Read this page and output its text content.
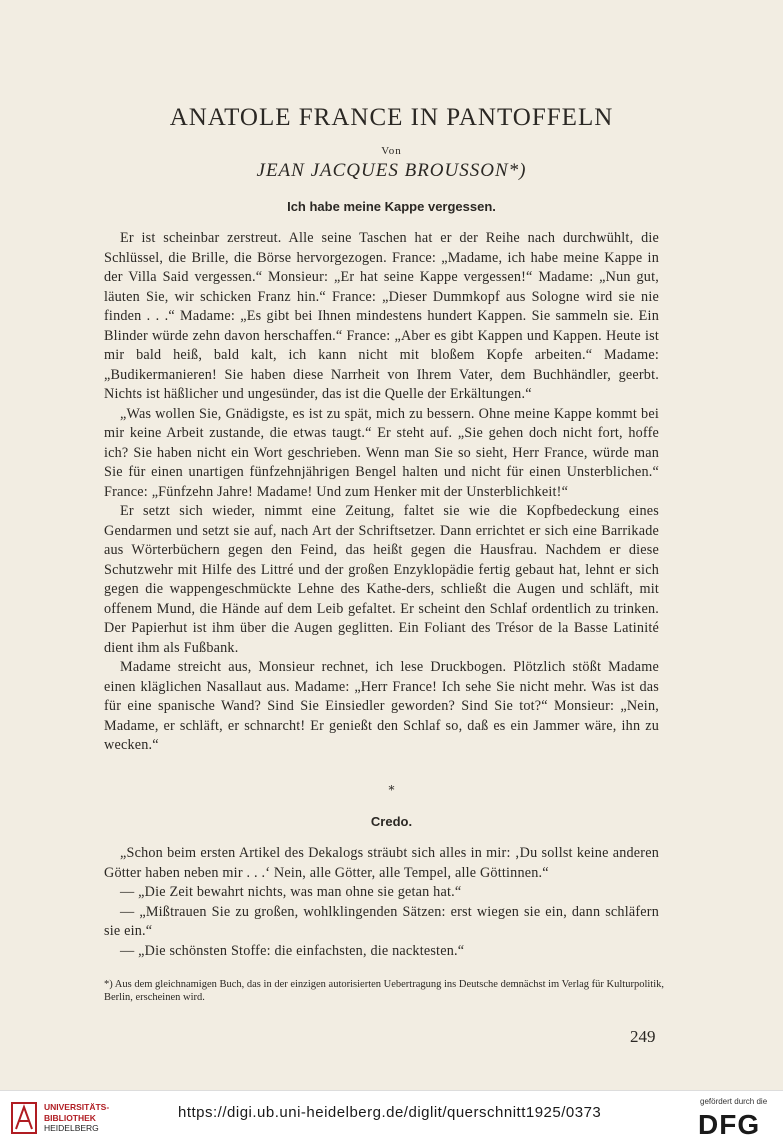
ANATOLE FRANCE IN PANTOFFELN
Von
JEAN JACQUES BROUSSON*)
Ich habe meine Kappe vergessen.

Er ist scheinbar zerstreut. Alle seine Taschen hat er der Reihe nach durchwühlt, die Schlüssel, die Brille, die Börse hervorgezogen. France: „Madame, ich habe meine Kappe in der Villa Said vergessen.“ Monsieur: „Er hat seine Kappe vergessen!“ Madame: „Nun gut, läuten Sie, wir schicken Franz hin.“ France: „Dieser Dummkopf aus Sologne wird sie nie finden . . .“ Madame: „Es gibt bei Ihnen mindestens hundert Kappen. Sie sammeln sie. Ein Blinder würde zehn davon herschaffen.“ France: „Aber es gibt Kappen und Kappen. Heute ist mir bald heiß, bald kalt, ich kann nicht mit bloßem Kopfe arbeiten.“ Madame: „Budikermanieren! Sie haben diese Narrheit von Ihrem Vater, dem Buchhändler, geerbt. Nichts ist häßlicher und ungesünder, das ist die Quelle der Erkältungen.“

„Was wollen Sie, Gnädigste, es ist zu spät, mich zu bessern. Ohne meine Kappe kommt bei mir keine Arbeit zustande, die etwas taugt.“ Er steht auf. „Sie gehen doch nicht fort, hoffe ich? Sie haben nicht ein Wort geschrieben. Wenn man Sie so sieht, Herr France, würde man Sie für einen unartigen fünfzehnjährigen Bengel halten und nicht für einen Unsterblichen.“ France: „Fünfzehn Jahre! Madame! Und zum Henker mit der Unsterblichkeit!“

Er setzt sich wieder, nimmt eine Zeitung, faltet sie wie die Kopfbedeckung eines Gendarmen und setzt sie auf, nach Art der Schriftsetzer. Dann errichtet er sich eine Barrikade aus Wörterbüchern gegen den Feind, das heißt gegen die Hausfrau. Nachdem er diese Schutzwehr mit Hilfe des Littré und der großen Enzyklopädie fertig gebaut hat, lehnt er sich gegen die wappengeschmückte Lehne des Kathe-ders, schließt die Augen und schläft, mit offenem Mund, die Hände auf dem Leib gefaltet. Er scheint den Schlaf ordentlich zu trinken. Der Papierhut ist ihm über die Augen geglitten. Ein Foliant des Trésor de la Basse Latinité dient ihm als Fußbank.

Madame streicht aus, Monsieur rechnet, ich lese Druckbogen. Plötzlich stößt Madame einen kläglichen Nasallaut aus. Madame: „Herr France! Ich sehe Sie nicht mehr. Was ist das für eine spanische Wand? Sind Sie Einsiedler geworden? Sind Sie tot?“ Monsieur: „Nein, Madame, er schläft, er schnarcht! Er genießt den Schlaf so, daß es ein Jammer wäre, ihn zu wecken.“

*
Credo.

„Schon beim ersten Artikel des Dekalogs sträubt sich alles in mir: ‚Du sollst keine anderen Götter haben neben mir . . .‘ Nein, alle Götter, alle Tempel, alle Göttinnen.“

— „Die Zeit bewahrt nichts, was man ohne sie getan hat.“

— „Mißtrauen Sie zu großen, wohlklingenden Sätzen: erst wiegen sie ein, dann schläfern sie ein.“

— „Die schönsten Stoffe: die einfachsten, die nacktesten.“

*) Aus dem gleichnamigen Buch, das in der einzigen autorisierten Uebertragung ins Deutsche demnächst im Verlag für Kulturpolitik, Berlin, erscheinen wird.
249
UNIVERSITÄTS-
BIBLIOTHEK
HEIDELBERG
https://digi.ub.uni-heidelberg.de/diglit/querschnitt1925/0373
gefördert durch die
DFG
